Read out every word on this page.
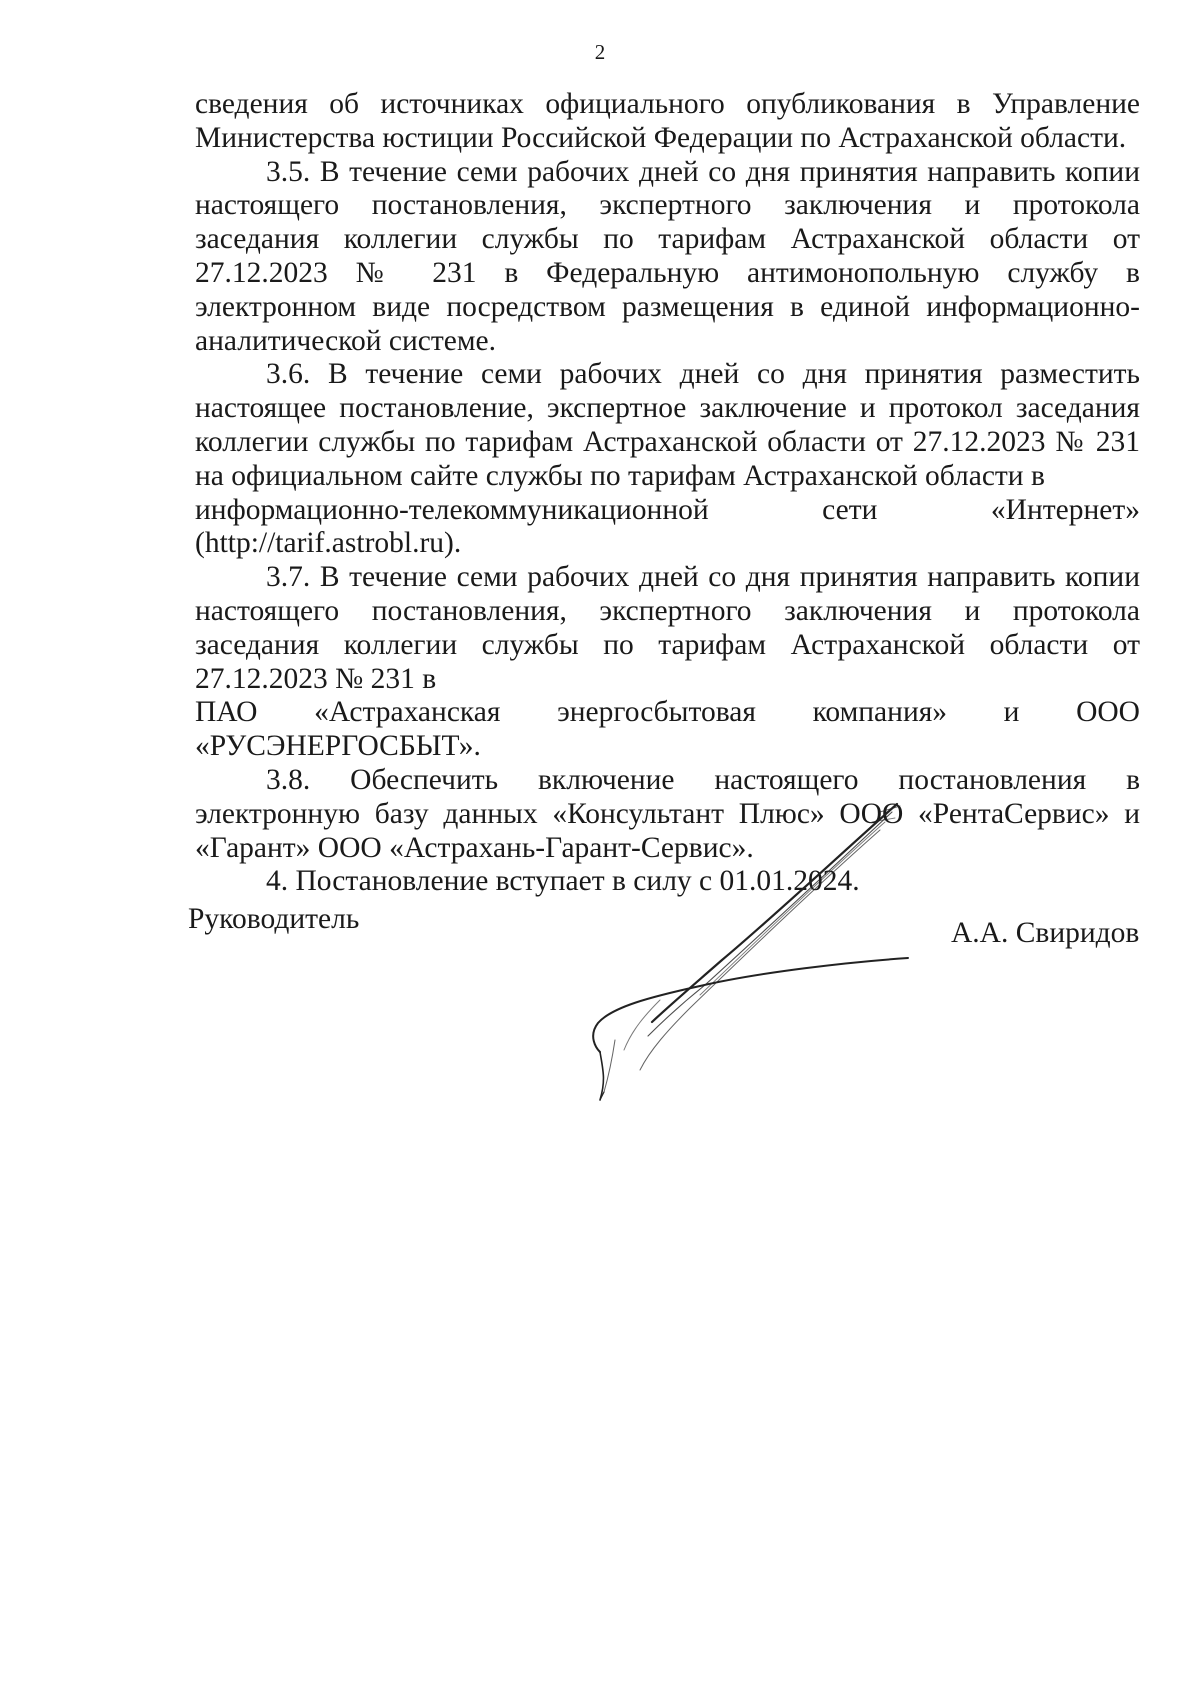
2

сведения об источниках официального опубликования в Управление
Министерства юстиции Российской Федерации по Астраханской области.

3.5. В течение семи рабочих дней со дня принятия направить копии настоящего постановления, экспертного заключения и протокола заседания коллегии службы по тарифам Астраханской области от 27.12.2023 № 231 в Федеральную антимонопольную службу в электронном виде посредством размещения в единой информационно-аналитической системе.

3.6. В течение семи рабочих дней со дня принятия разместить настоящее постановление, экспертное заключение и протокол заседания коллегии службы по тарифам Астраханской области от 27.12.2023 № 231 на официальном сайте службы по тарифам Астраханской области в
информационно-телекоммуникационной сети «Интернет»
(http://tarif.astrobl.ru).

3.7. В течение семи рабочих дней со дня принятия направить копии настоящего постановления, экспертного заключения и протокола заседания коллегии службы по тарифам Астраханской области от 27.12.2023 № 231 в
ПАО «Астраханская энергосбытовая компания» и ООО
«РУСЭНЕРГОСБЫТ».

3.8. Обеспечить включение настоящего постановления в электронную базу данных «Консультант Плюс» ООО «РентаСервис» и «Гарант» ООО «Астрахань-Гарант-Сервис».

4. Постановление вступает в силу с 01.01.2024.

Руководитель	А.А. Свиридов
